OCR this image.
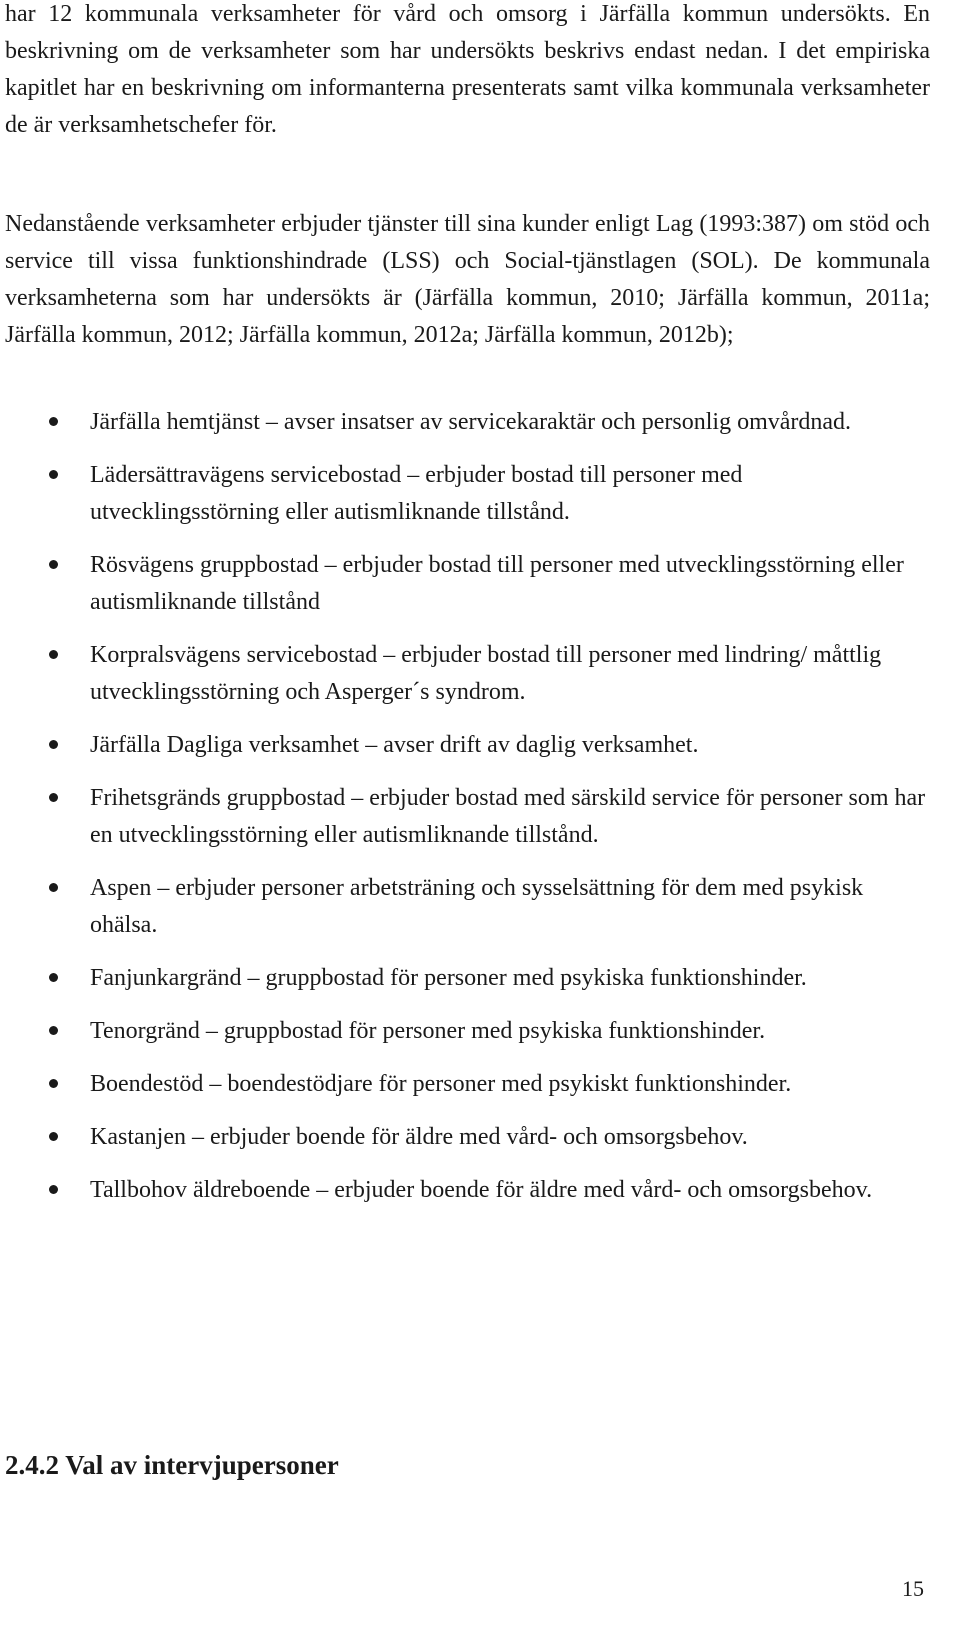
har 12 kommunala verksamheter för vård och omsorg i Järfälla kommun undersökts. En beskrivning om de verksamheter som har undersökts beskrivs endast nedan. I det empiriska kapitlet har en beskrivning om informanterna presenterats samt vilka kommunala verksamheter de är verksamhetschefer för.

Nedanstående verksamheter erbjuder tjänster till sina kunder enligt Lag (1993:387) om stöd och service till vissa funktionshindrade (LSS) och Social-tjänstlagen (SOL). De kommunala verksamheterna som har undersökts är (Järfälla kommun, 2010; Järfälla kommun, 2011a; Järfälla kommun, 2012; Järfälla kommun, 2012a; Järfälla kommun, 2012b);

Järfälla hemtjänst – avser insatser av servicekaraktär och personlig omvårdnad.
Lädersättravägens servicebostad – erbjuder bostad till personer med utvecklingsstörning eller autismliknande tillstånd.
Rösvägens gruppbostad – erbjuder bostad till personer med utvecklingsstörning eller autismliknande tillstånd
Korpralsvägens servicebostad – erbjuder bostad till personer med lindring/ måttlig utvecklingsstörning och Asperger´s syndrom.
Järfälla Dagliga verksamhet – avser drift av daglig verksamhet.
Frihetsgränds gruppbostad – erbjuder bostad med särskild service för personer som har en utvecklingsstörning eller autismliknande tillstånd.
Aspen – erbjuder personer arbetsträning och sysselsättning för dem med psykisk ohälsa.
Fanjunkargränd – gruppbostad för personer med psykiska funktionshinder.
Tenorgränd – gruppbostad för personer med psykiska funktionshinder.
Boendestöd – boendestödjare för personer med psykiskt funktionshinder.
Kastanjen – erbjuder boende för äldre med vård- och omsorgsbehov.
Tallbohov äldreboende – erbjuder boende för äldre med vård- och omsorgsbehov.
2.4.2 Val av intervjupersoner
15
